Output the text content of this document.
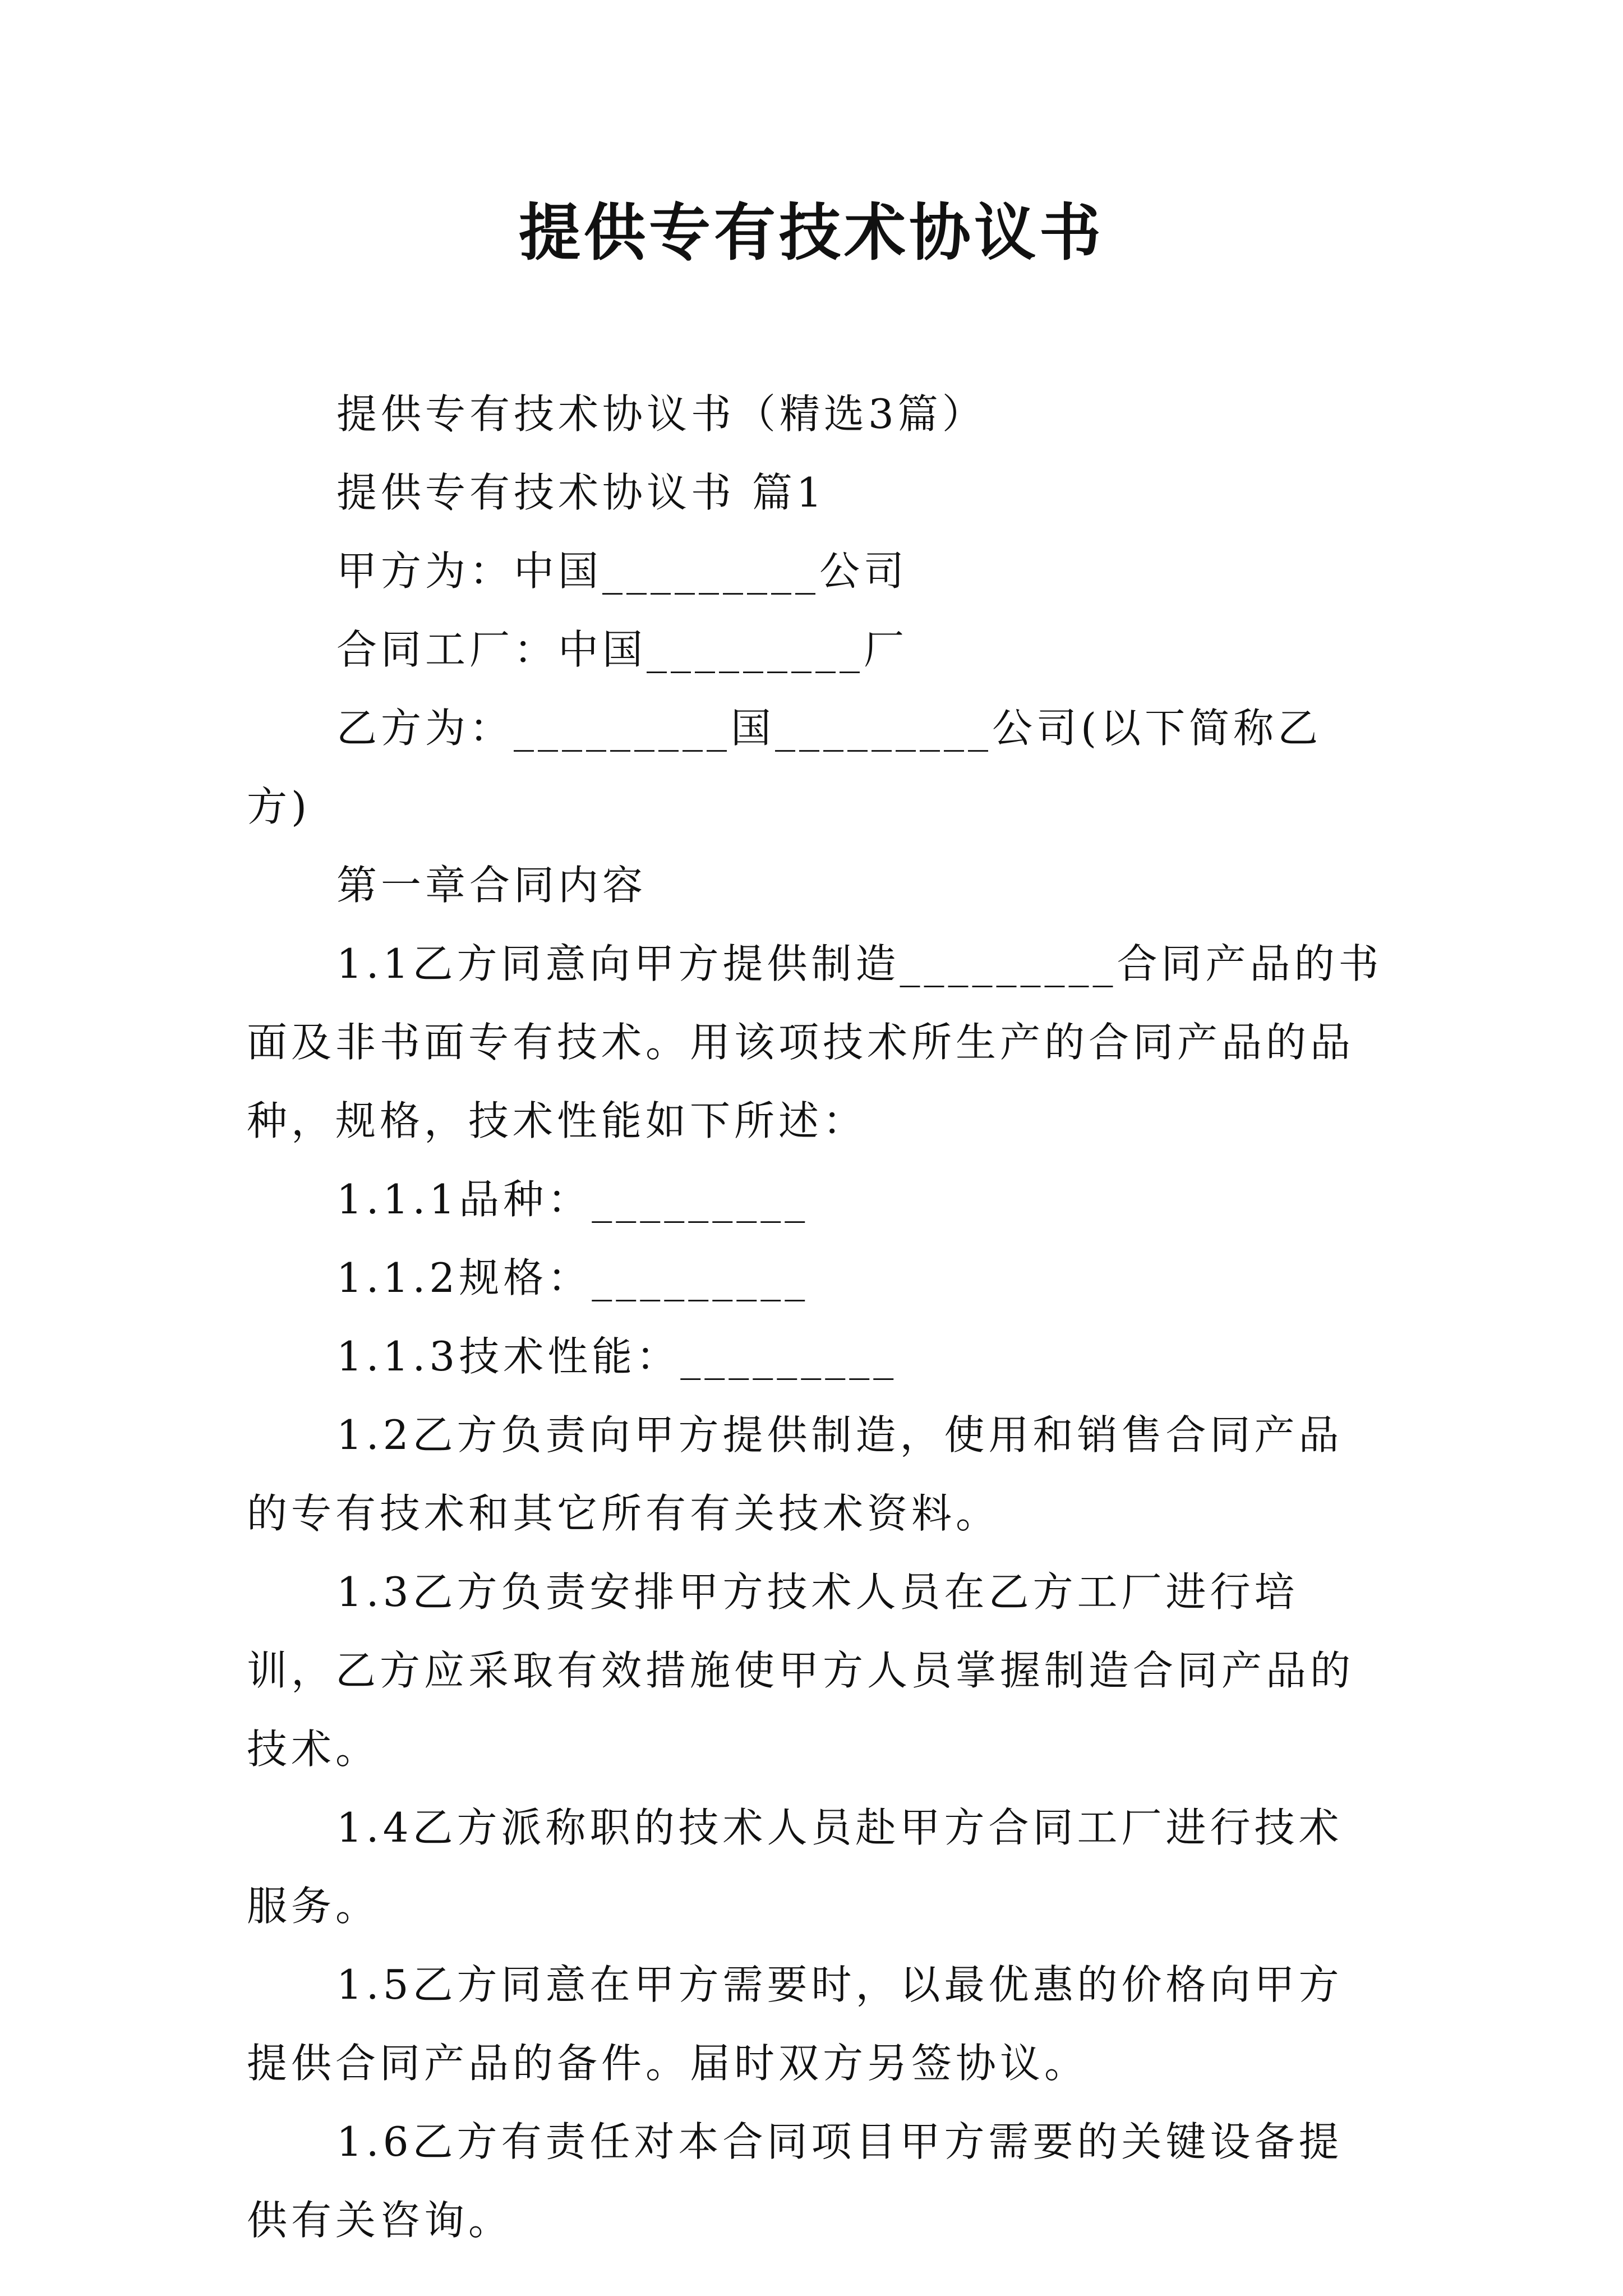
提供专有技术协议书

提供专有技术协议书（精选3篇）

提供专有技术协议书 篇1

甲方为：中国_________公司

合同工厂：中国_________厂

乙方为：_________国_________公司(以下简称乙方)

第一章合同内容

1.1乙方同意向甲方提供制造_________合同产品的书面及非书面专有技术。用该项技术所生产的合同产品的品种，规格，技术性能如下所述：

1.1.1品种：_________

1.1.2规格：_________

1.1.3技术性能：_________

1.2乙方负责向甲方提供制造，使用和销售合同产品的专有技术和其它所有有关技术资料。

1.3乙方负责安排甲方技术人员在乙方工厂进行培训，乙方应采取有效措施使甲方人员掌握制造合同产品的技术。

1.4乙方派称职的技术人员赴甲方合同工厂进行技术服务。

1.5乙方同意在甲方需要时，以最优惠的价格向甲方提供合同产品的备件。届时双方另签协议。

1.6乙方有责任对本合同项目甲方需要的关键设备提供有关咨询。
